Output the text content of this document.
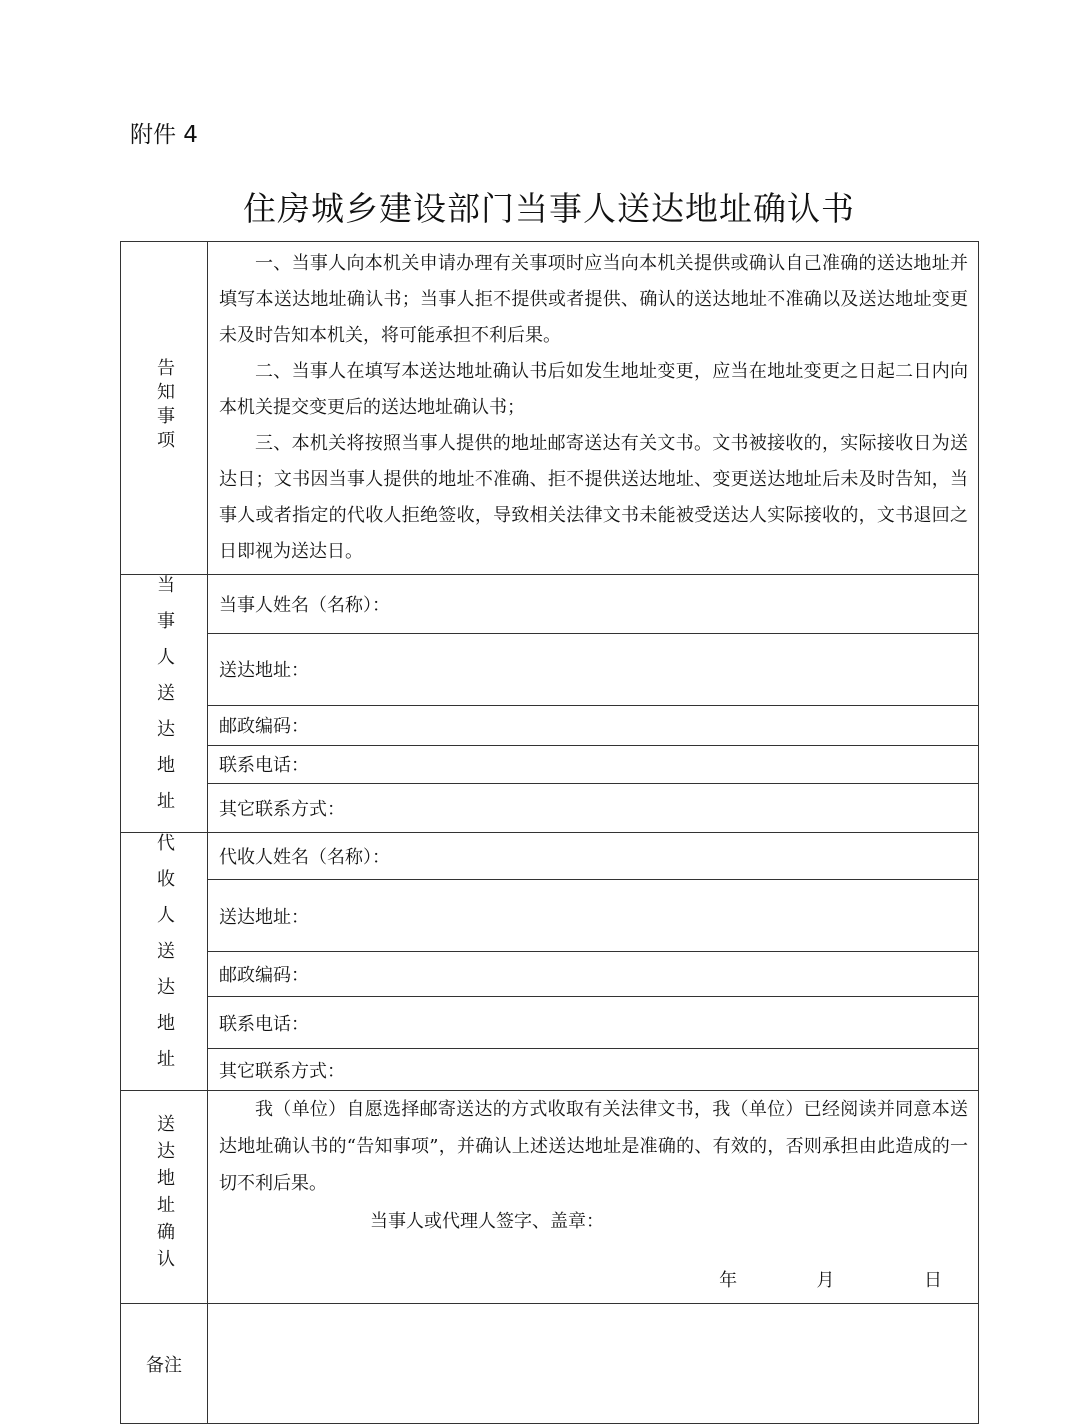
附件 4
住房城乡建设部门当事人送达地址确认书
告知事项	一、当事人向本机关申请办理有关事项时应当向本机关提供或确认自己准确的送达地址并填写本送达地址确认书；当事人拒不提供或者提供、确认的送达地址不准确以及送达地址变更未及时告知本机关，将可能承担不利后果。

二、当事人在填写本送达地址确认书后如发生地址变更，应当在地址变更之日起二日内向本机关提交变更后的送达地址确认书；

三、本机关将按照当事人提供的地址邮寄送达有关文书。文书被接收的，实际接收日为送达日；文书因当事人提供的地址不准确、拒不提供送达地址、变更送达地址后未及时告知，当事人或者指定的代收人拒绝签收，导致相关法律文书未能被受送达人实际接收的，文书退回之日即视为送达日。

当事人送达地址	当事人姓名（名称）：
	送达地址：
	邮政编码：
	联系电话：
	其它联系方式：
代收人送达地址	代收人姓名（名称）：
	送达地址：
	邮政编码：
	联系电话：
	其它联系方式：
送达地址确认	我（单位）自愿选择邮寄送达的方式收取有关法律文书，我（单位）已经阅读并同意本送达地址确认书的“告知事项”，并确认上述送达地址是准确的、有效的，否则承担由此造成的一切不利后果。

当事人或代理人签字、盖章：
年 月 日

备注	
